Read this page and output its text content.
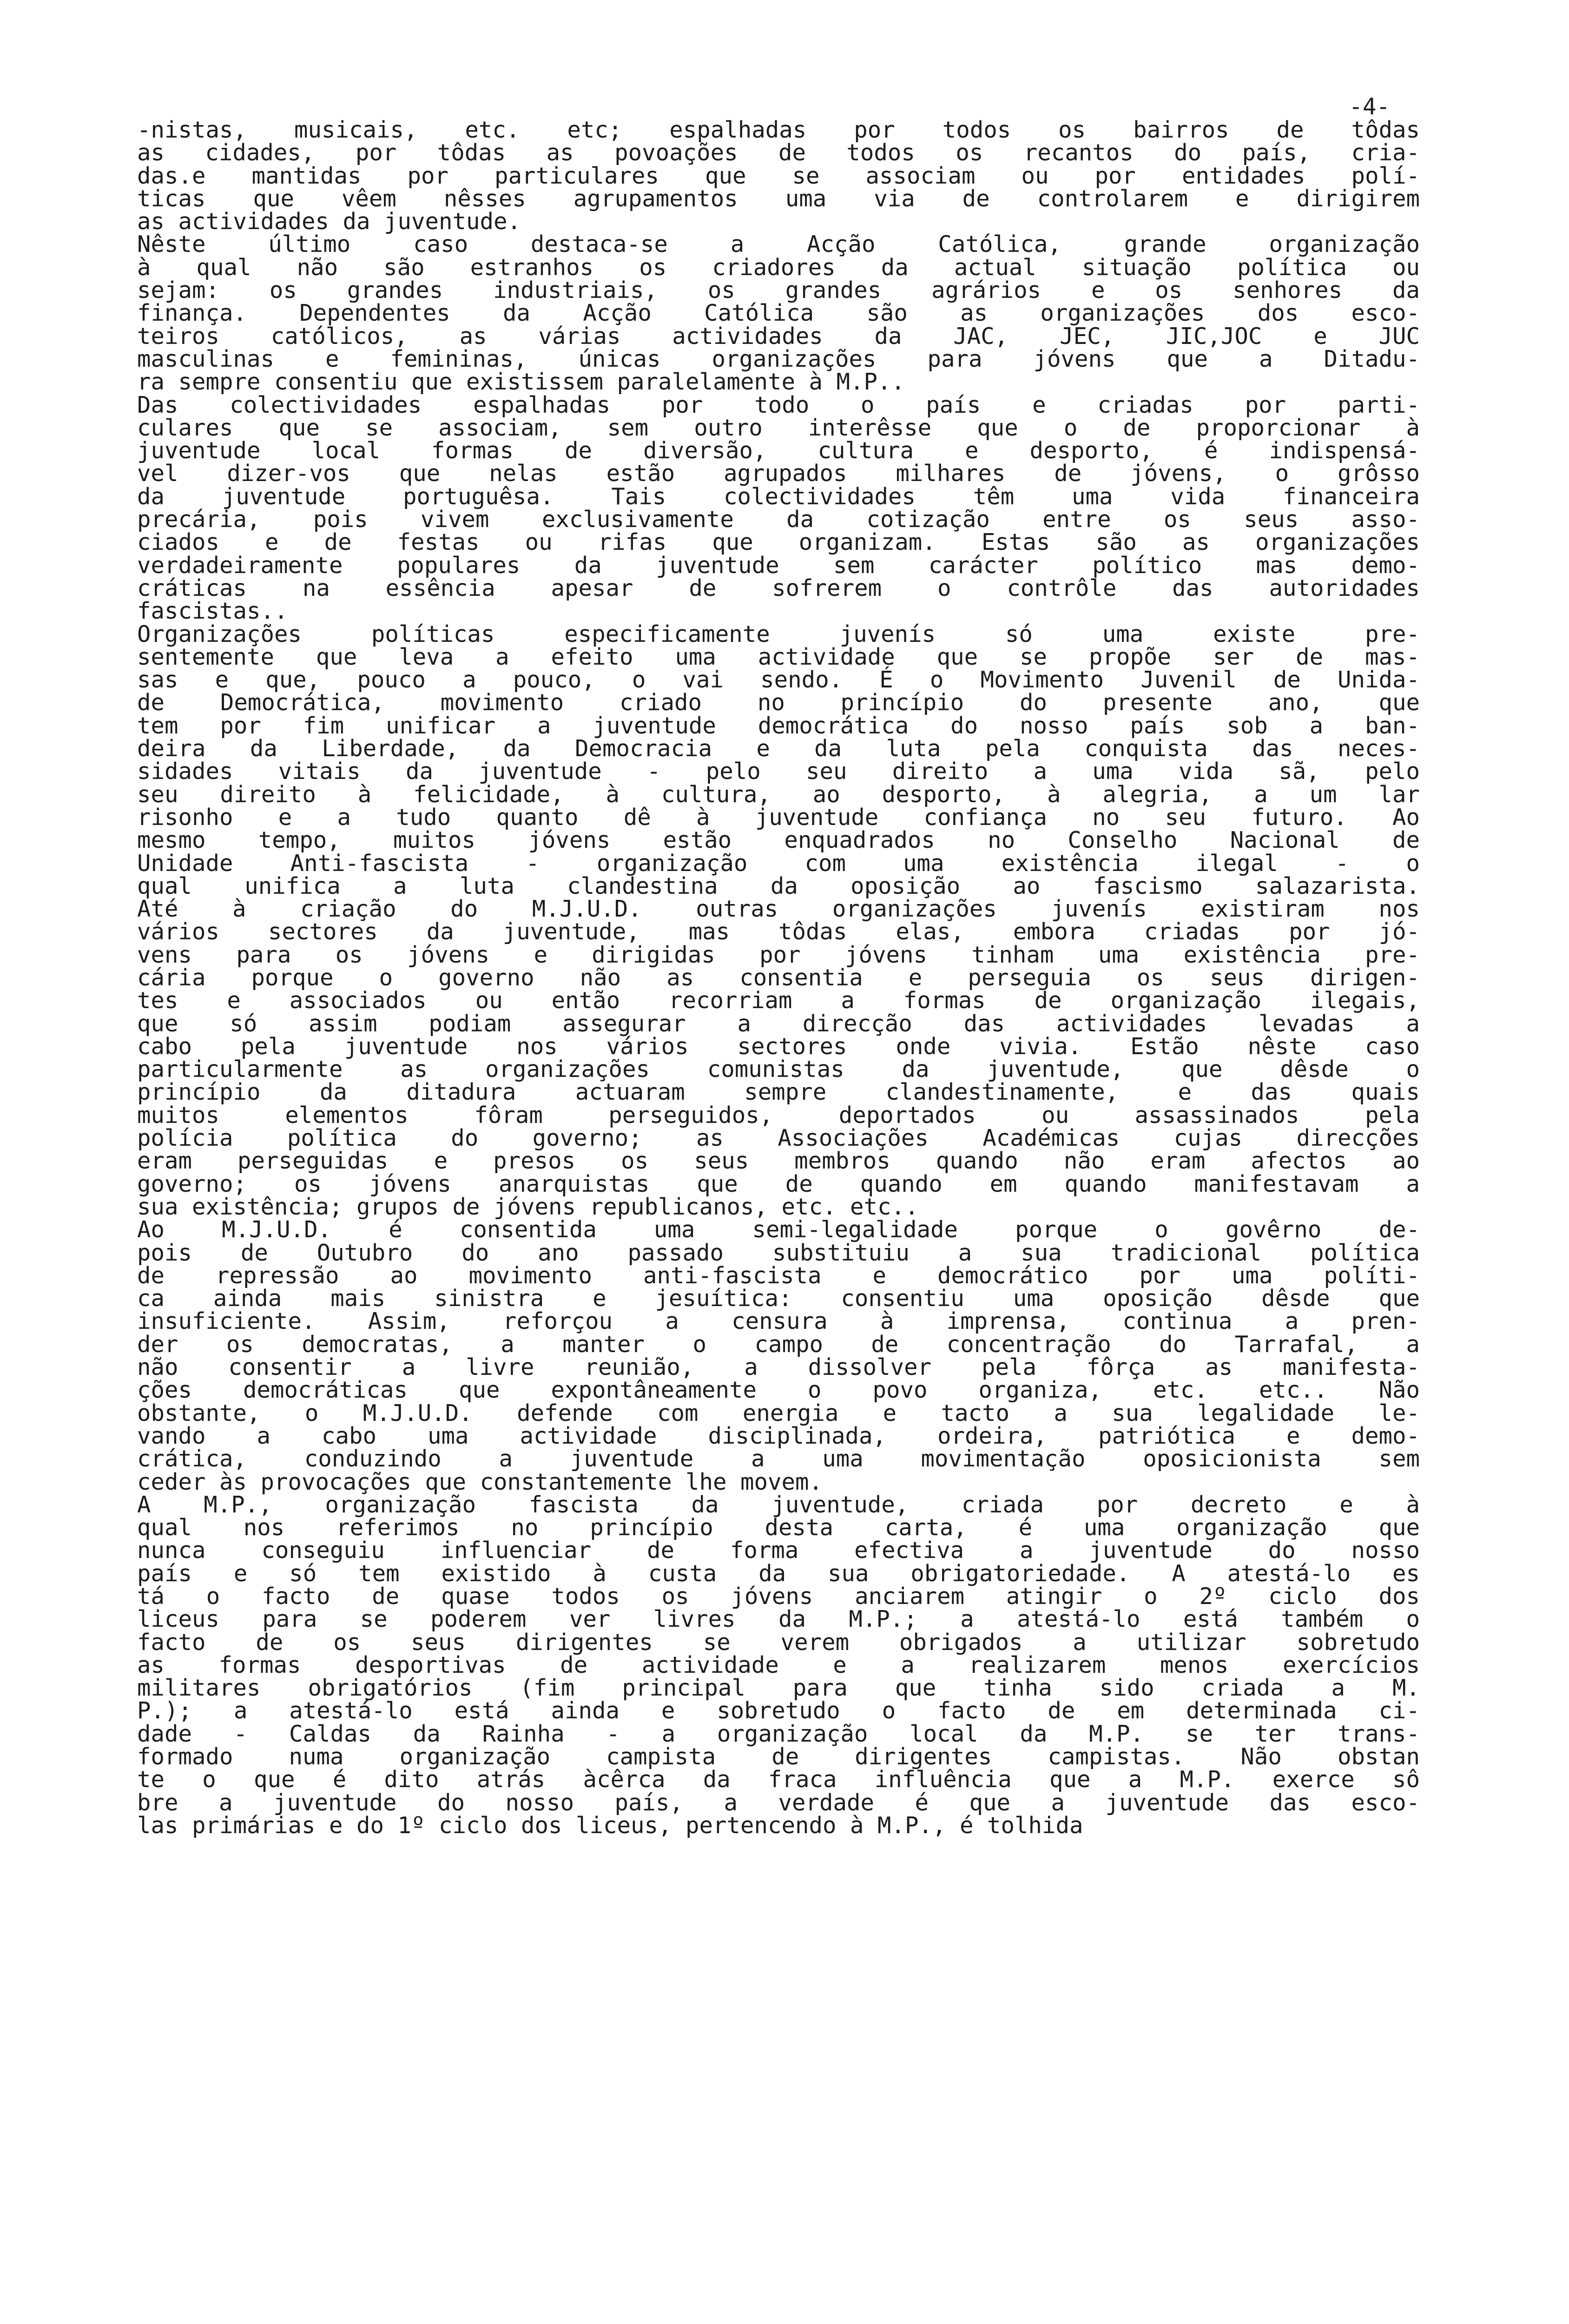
-4-
-nistas, musicais, etc. etc; espalhadas por todos os bairros de tôdas
as cidades, por tôdas as povoações de todos os recantos do país, cria-
das.e mantidas por particulares que se associam ou por entidades polí-
ticas que vêem nêsses agrupamentos uma via de controlarem e dirigirem
as actividades da juventude.
Nêste último caso destaca-se a Acção Católica, grande organização
à qual não são estranhos os criadores da actual situação política ou
sejam: os grandes industriais, os grandes agrários e os senhores da
finança. Dependentes da Acção Católica são as organizações dos esco-
teiros católicos, as várias actividades da JAC, JEC, JIC,JOC e JUC
masculinas e femininas, únicas organizações para jóvens que a Ditadu-
ra sempre consentiu que existissem paralelamente à M.P..
Das colectividades espalhadas por todo o país e criadas por parti-
culares que se associam, sem outro interêsse que o de proporcionar à
juventude local formas de diversão, cultura e desporto, é indispensá-
vel dizer-vos que nelas estão agrupados milhares de jóvens, o grôsso
da juventude portuguêsa. Tais colectividades têm uma vida financeira
precária, pois vivem exclusivamente da cotização entre os seus asso-
ciados e de festas ou rifas que organizam. Estas são as organizações
verdadeiramente populares da juventude sem carácter político mas demo-
cráticas na essência apesar de sofrerem o contrôle das autoridades
fascistas..
Organizações políticas especificamente juvenís só uma existe pre-
sentemente que leva a efeito uma actividade que se propõe ser de mas-
sas e que, pouco a pouco, o vai sendo. É o Movimento Juvenil de Unida-
de Democrática, movimento criado no princípio do presente ano, que
tem por fim unificar a juventude democrática do nosso país sob a ban-
deira da Liberdade, da Democracia e da luta pela conquista das neces-
sidades vitais da juventude - pelo seu direito a uma vida sã, pelo
seu direito à felicidade, à cultura, ao desporto, à alegria, a um lar
risonho e a tudo quanto dê à juventude confiança no seu futuro. Ao
mesmo tempo, muitos jóvens estão enquadrados no Conselho Nacional de
Unidade Anti-fascista - organização com uma existência ilegal - o
qual unifica a luta clandestina da oposição ao fascismo salazarista.
Até à criação do M.J.U.D. outras organizações juvenís existiram nos
vários sectores da juventude, mas tôdas elas, embora criadas por jó-
vens para os jóvens e dirigidas por jóvens tinham uma existência pre-
cária porque o governo não as consentia e perseguia os seus dirigen-
tes e associados ou então recorriam a formas de organização ilegais,
que só assim podiam assegurar a direcção das actividades levadas a
cabo pela juventude nos vários sectores onde vivia. Estão nêste caso
particularmente as organizações comunistas da juventude, que dêsde o
princípio da ditadura actuaram sempre clandestinamente, e das quais
muitos elementos fôram perseguidos, deportados ou assassinados pela
polícia política do governo; as Associações Académicas cujas direcções
eram perseguidas e presos os seus membros quando não eram afectos ao
governo; os jóvens anarquistas que de quando em quando manifestavam a
sua existência; grupos de jóvens republicanos, etc. etc..
Ao M.J.U.D. é consentida uma semi-legalidade porque o govêrno de-
pois de Outubro do ano passado substituiu a sua tradicional política
de repressão ao movimento anti-fascista e democrático por uma políti-
ca ainda mais sinistra e jesuítica: consentiu uma oposição dêsde que
insuficiente. Assim, reforçou a censura à imprensa, continua a pren-
der os democratas, a manter o campo de concentração do Tarrafal, a
não consentir a livre reunião, a dissolver pela fôrça as manifesta-
ções democráticas que expontâneamente o povo organiza, etc. etc.. Não
obstante, o M.J.U.D. defende com energia e tacto a sua legalidade le-
vando a cabo uma actividade disciplinada, ordeira, patriótica e demo-
crática, conduzindo a juventude a uma movimentação oposicionista sem
ceder às provocações que constantemente lhe movem.
A M.P., organização fascista da juventude, criada por decreto e à
qual nos referimos no princípio desta carta, é uma organização que
nunca conseguiu influenciar de forma efectiva a juventude do nosso
país e só tem existido à custa da sua obrigatoriedade. A atestá-lo es
tá o facto de quase todos os jóvens anciarem atingir o 2º ciclo dos
liceus para se poderem ver livres da M.P.; a atestá-lo está também o
facto de os seus dirigentes se verem obrigados a utilizar sobretudo
as formas desportivas de actividade e a realizarem menos exercícios
militares obrigatórios (fim principal para que tinha sido criada a M.
P.); a atestá-lo está ainda e sobretudo o facto de em determinada ci-
dade - Caldas da Rainha - a organização local da M.P. se ter trans-
formado numa organização campista de dirigentes campistas. Não obstan
te o que é dito atrás àcêrca da fraca influência que a M.P. exerce sô
bre a juventude do nosso país, a verdade é que a juventude das esco-
las primárias e do 1º ciclo dos liceus, pertencendo à M.P., é tolhida
